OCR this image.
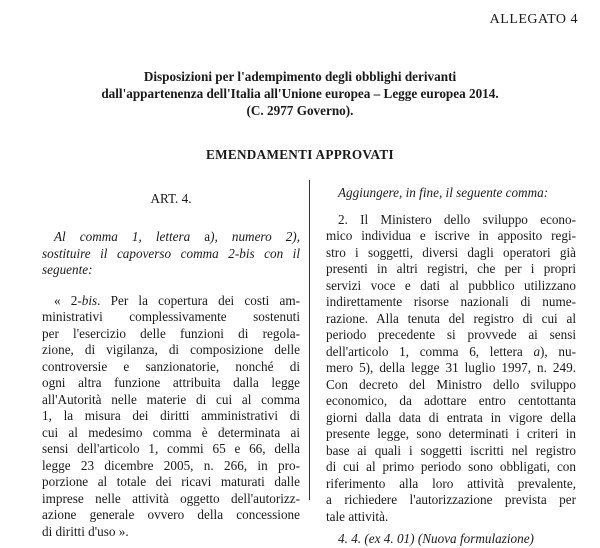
ALLEGATO 4
Disposizioni per l'adempimento degli obblighi derivanti
dall'appartenenza dell'Italia all'Unione europea – Legge europea 2014.
(C. 2977 Governo).
EMENDAMENTI APPROVATI
ART. 4.
Al comma 1, lettera a), numero 2),
sostituire il capoverso comma 2-bis con il
seguente:
« 2-bis. Per la copertura dei costi am-
ministrativi complessivamente sostenuti
per l'esercizio delle funzioni di regola-
zione, di vigilanza, di composizione delle
controversie e sanzionatorie, nonché di
ogni altra funzione attribuita dalla legge
all'Autorità nelle materie di cui al comma
1, la misura dei diritti amministrativi di
cui al medesimo comma è determinata ai
sensi dell'articolo 1, commi 65 e 66, della
legge 23 dicembre 2005, n. 266, in pro-
porzione al totale dei ricavi maturati dalle
imprese nelle attività oggetto dell'autorizz-
azione generale ovvero della concessione
di diritti d'uso ».
Aggiungere, in fine, il seguente comma:
2. Il Ministero dello sviluppo econo-
mico individua e iscrive in apposito regi-
stro i soggetti, diversi dagli operatori già
presenti in altri registri, che per i propri
servizi voce e dati al pubblico utilizzano
indirettamente risorse nazionali di nume-
razione. Alla tenuta del registro di cui al
periodo precedente si provvede ai sensi
dell'articolo 1, comma 6, lettera a), nu-
mero 5), della legge 31 luglio 1997, n. 249.
Con decreto del Ministro dello sviluppo
economico, da adottare entro centottanta
giorni dalla data di entrata in vigore della
presente legge, sono determinati i criteri in
base ai quali i soggetti iscritti nel registro
di cui al primo periodo sono obbligati, con
riferimento alla loro attività prevalente,
a richiedere l'autorizzazione prevista per
tale attività.
4. 4. (ex 4. 01) (Nuova formulazione)
